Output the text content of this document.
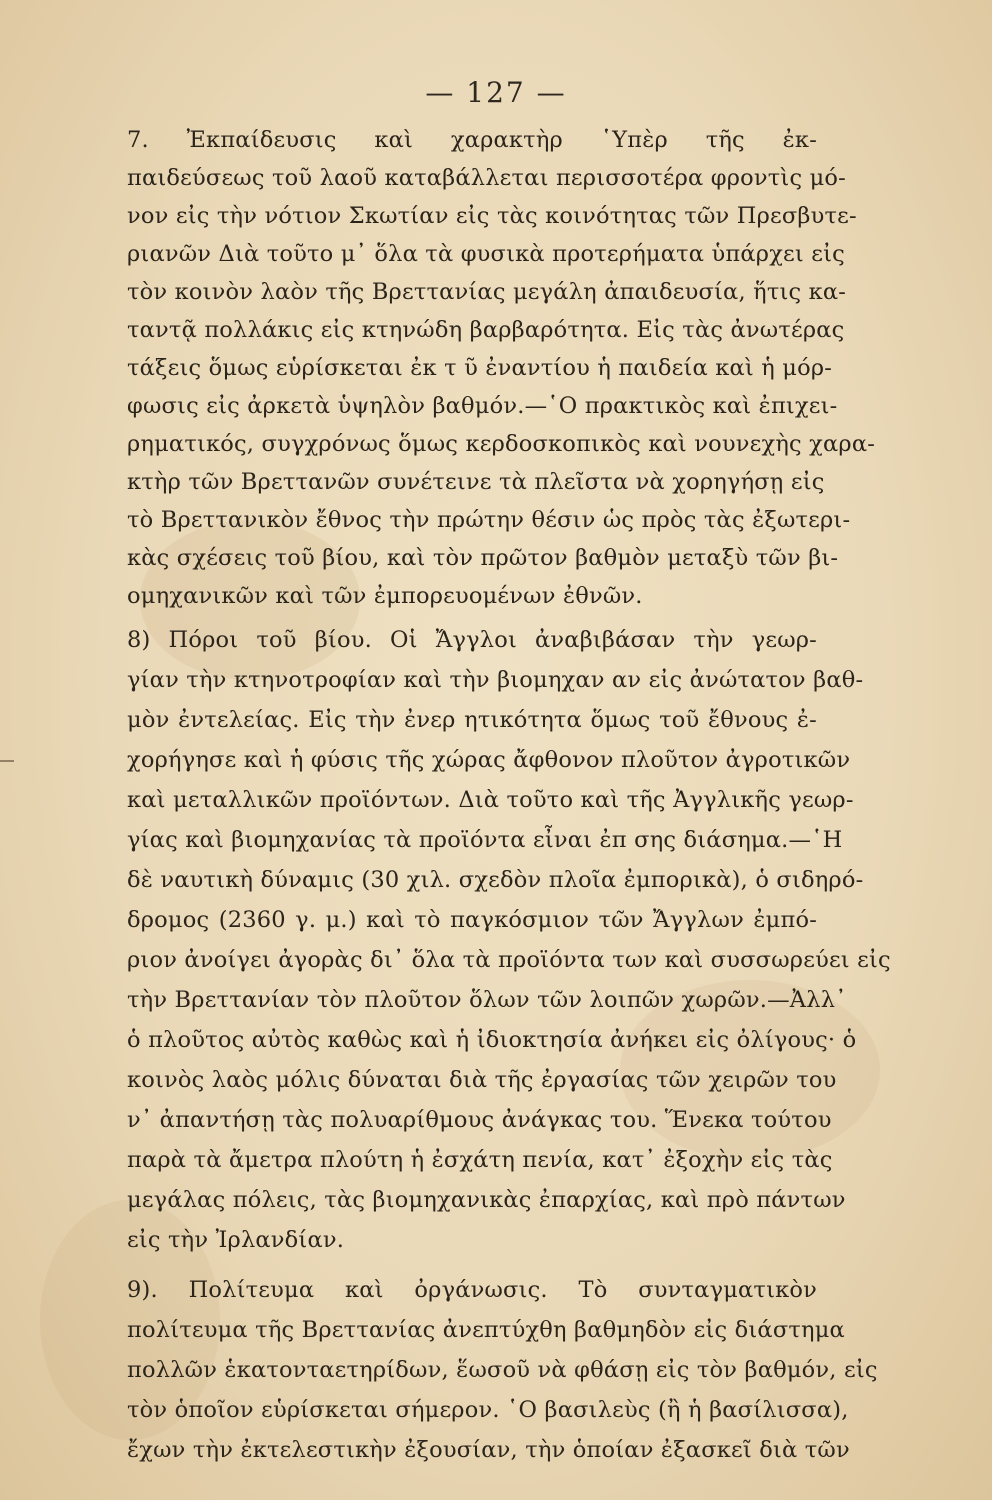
— 127 —
7. Ἐκπαίδευσις καὶ χαρακτὴρ ῾Υπὲρ τῆς ἐκ-
παιδεύσεως τοῦ λαοῦ καταβάλλεται περισσοτέρα φροντὶς μό-
νον εἰς τὴν νότιον Σκωτίαν εἰς τὰς κοινότητας τῶν Πρεσβυτε-
ριανῶν Διὰ τοῦτο μ᾽ ὅλα τὰ φυσικὰ προτερήματα ὑπάρχει εἰς
τὸν κοινὸν λαὸν τῆς Βρεττανίας μεγάλη ἀπαιδευσία, ἥτις κα-
ταντᾷ πολλάκις εἰς κτηνώδη βαρβαρότητα. Εἰς τὰς ἀνωτέρας
τάξεις ὅμως εὑρίσκεται ἐκ τ ῦ ἐναντίου ἡ παιδεία καὶ ἡ μόρ-
φωσις εἰς ἀρκετὰ ὑψηλὸν βαθμόν.—῾Ο πρακτικὸς καὶ ἐπιχει-
ρηματικός, συγχρόνως ὅμως κερδοσκοπικὸς καὶ νουνεχὴς χαρα-
κτὴρ τῶν Βρεττανῶν συνέτεινε τὰ πλεῖστα νὰ χορηγήσῃ εἰς
τὸ Βρεττανικὸν ἔθνος τὴν πρώτην θέσιν ὡς πρὸς τὰς ἐξωτερι-
κὰς σχέσεις τοῦ βίου, καὶ τὸν πρῶτον βαθμὸν μεταξὺ τῶν βι-
ομηχανικῶν καὶ τῶν ἐμπορευομένων ἐθνῶν.
8) Πόροι τοῦ βίου. Οἱ Ἄγγλοι ἀναβιβάσαν τὴν γεωρ-
γίαν τὴν κτηνοτροφίαν καὶ τὴν βιομηχαν αν εἰς ἀνώτατον βαθ-
μὸν ἐντελείας. Εἰς τὴν ἐνερ ητικότητα ὅμως τοῦ ἔθνους ἐ-
χορήγησε καὶ ἡ φύσις τῆς χώρας ἄφθονον πλοῦτον ἀγροτικῶν
καὶ μεταλλικῶν προϊόντων. Διὰ τοῦτο καὶ τῆς Ἀγγλικῆς γεωρ-
γίας καὶ βιομηχανίας τὰ προϊόντα εἶναι ἐπ σης διάσημα.—῾Η
δὲ ναυτικὴ δύναμις (30 χιλ. σχεδὸν πλοῖα ἐμπορικὰ), ὁ σιδηρό-
δρομος (2360 γ. μ.) καὶ τὸ παγκόσμιον τῶν Ἄγγλων ἐμπό-
ριον ἀνοίγει ἀγορὰς δι᾽ ὅλα τὰ προϊόντα των καὶ συσσωρεύει εἰς
τὴν Βρεττανίαν τὸν πλοῦτον ὅλων τῶν λοιπῶν χωρῶν.—Ἀλλ᾽
ὁ πλοῦτος αὐτὸς καθὼς καὶ ἡ ἰδιοκτησία ἀνήκει εἰς ὀλίγους· ὁ
κοινὸς λαὸς μόλις δύναται διὰ τῆς ἐργασίας τῶν χειρῶν του
ν᾽ ἀπαντήσῃ τὰς πολυαρίθμους ἀνάγκας του. Ἕνεκα τούτου
παρὰ τὰ ἄμετρα πλούτη ἡ ἐσχάτη πενία, κατ᾽ ἐξοχὴν εἰς τὰς
μεγάλας πόλεις, τὰς βιομηχανικὰς ἐπαρχίας, καὶ πρὸ πάντων
εἰς τὴν Ἰρλανδίαν.
9). Πολίτευμα καὶ ὀργάνωσις. Τὸ συνταγματικὸν
πολίτευμα τῆς Βρεττανίας ἀνεπτύχθη βαθμηδὸν εἰς διάστημα
πολλῶν ἑκατονταετηρίδων, ἕωσοῦ νὰ φθάσῃ εἰς τὸν βαθμόν, εἰς
τὸν ὁποῖον εὑρίσκεται σήμερον. ῾Ο βασιλεὺς (ἢ ἡ βασίλισσα),
ἔχων τὴν ἐκτελεστικὴν ἐξουσίαν, τὴν ὁποίαν ἐξασκεῖ διὰ τῶν
